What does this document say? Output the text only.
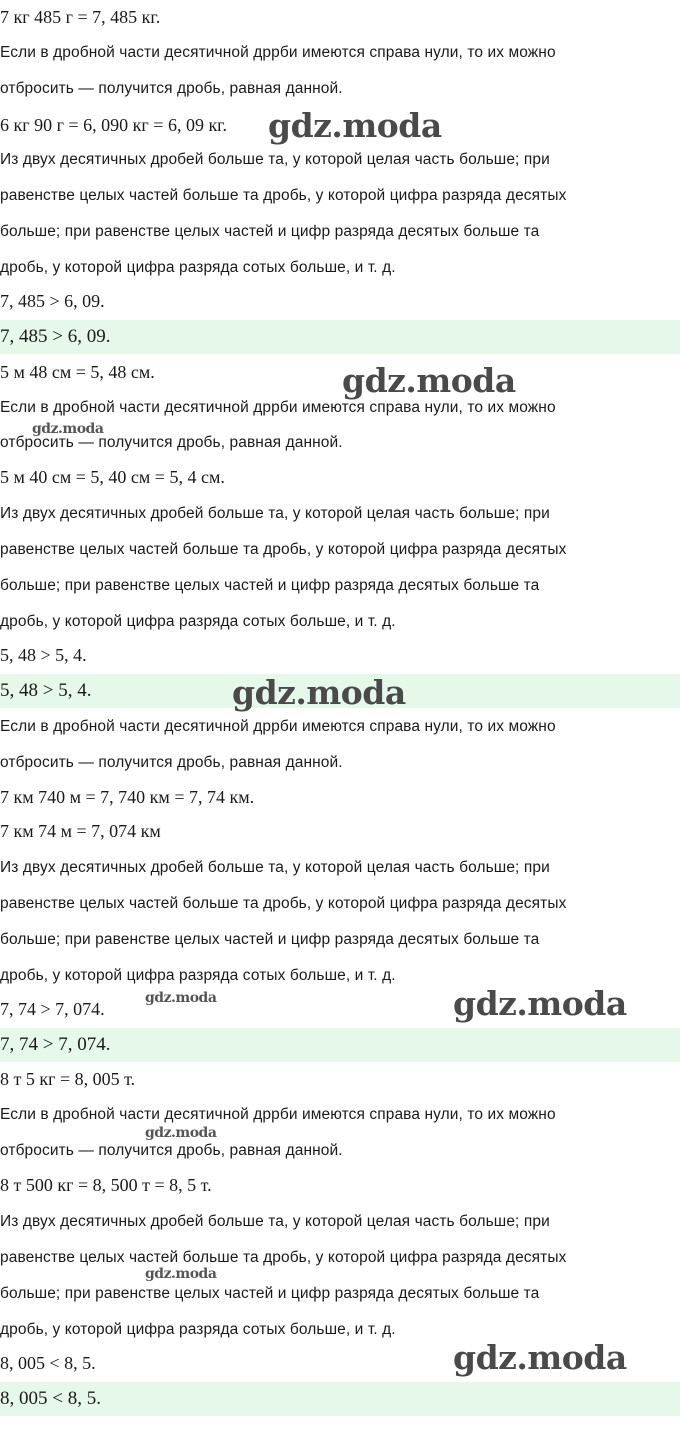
7 кг 485 г = 7, 485 кг.
Если в дробной части десятичной дррби имеются справа нули, то их можно
отбросить — получится дробь, равная данной.
6 кг 90 г = 6, 090 кг = 6, 09 кг.
Из двух десятичных дробей больше та, у которой целая часть больше; при
равенстве целых частей больше та дробь, у которой цифра разряда десятых
больше; при равенстве целых частей и цифр разряда десятых больше та
дробь, у которой цифра разряда сотых больше, и т. д.
7, 485 > 6, 09.
7, 485 > 6, 09.
5 м 48 см = 5, 48 см.
Если в дробной части десятичной дррби имеются справа нули, то их можно
отбросить — получится дробь, равная данной.
5 м 40 см = 5, 40 см = 5, 4 см.
Из двух десятичных дробей больше та, у которой целая часть больше; при
равенстве целых частей больше та дробь, у которой цифра разряда десятых
больше; при равенстве целых частей и цифр разряда десятых больше та
дробь, у которой цифра разряда сотых больше, и т. д.
5, 48 > 5, 4.
5, 48 > 5, 4.
Если в дробной части десятичной дррби имеются справа нули, то их можно
отбросить — получится дробь, равная данной.
7 км 740 м = 7, 740 км = 7, 74 км.
7 км 74 м = 7, 074 км
Из двух десятичных дробей больше та, у которой целая часть больше; при
равенстве целых частей больше та дробь, у которой цифра разряда десятых
больше; при равенстве целых частей и цифр разряда десятых больше та
дробь, у которой цифра разряда сотых больше, и т. д.
7, 74 > 7, 074.
7, 74 > 7, 074.
8 т 5 кг = 8, 005 т.
Если в дробной части десятичной дррби имеются справа нули, то их можно
отбросить — получится дробь, равная данной.
8 т 500 кг = 8, 500 т = 8, 5 т.
Из двух десятичных дробей больше та, у которой целая часть больше; при
равенстве целых частей больше та дробь, у которой цифра разряда десятых
больше; при равенстве целых частей и цифр разряда десятых больше та
дробь, у которой цифра разряда сотых больше, и т. д.
8, 005 < 8, 5.
8, 005 < 8, 5.
gdz.moda
gdz.moda
gdz.moda
gdz.moda
gdz.moda	gdz.moda
gdz.moda
gdz.moda
gdz.moda
